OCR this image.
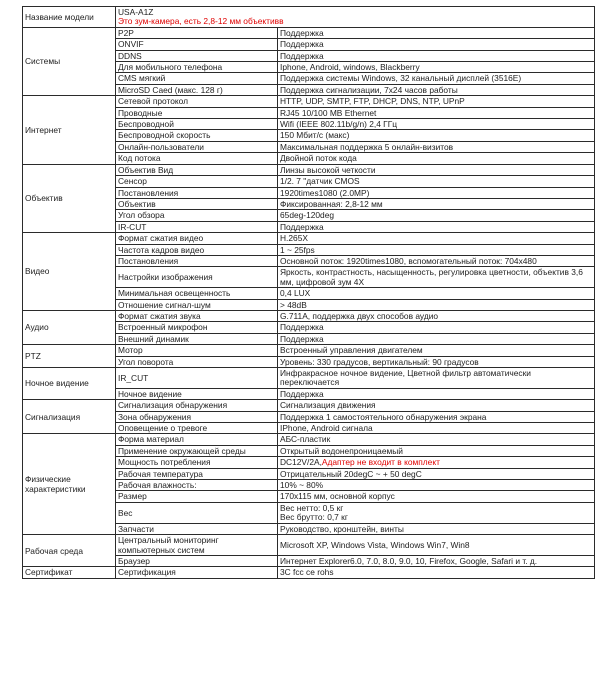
Название модели	USA-A1Z
Это зум-камера, есть 2,8-12 мм объективв	

Системы	P2P	Поддержка
	ONVIF	Поддержка
	DDNS	Поддержка
	Для мобильного телефона	Iphone, Android, windows, Blackberry
	CMS мягкий	Поддержка системы Windows, 32 канальный дисплей (3516E)
	MicroSD Caed (макс. 128 г)	Поддержка сигнализации, 7x24 часов работы
Интернет	Сетевой протокол	HTTP, UDP, SMTP, FTP, DHCP, DNS, NTP, UPnP
	Проводные	RJ45 10/100 MB Ethernet
	Беспроводной	Wifi (IEEE 802.11b/g/n) 2,4 ГГц
	Беспроводной скорость	150 Мбит/с (макс)
	Онлайн-пользователи	Максимальная поддержка 5 онлайн-визитов
	Код потока	Двойной поток кода
Объектив	Объектив Вид	Линзы высокой четкости
	Сенсор	1/2. 7 "датчик CMOS
	Постановления	1920times1080 (2.0MP)
	Объектив	Фиксированная: 2,8-12 мм
	Угол обзора	65deg-120deg
	IR-CUT	Поддержка
Видео	Формат сжатия видео	H.265X
	Частота кадров видео	1 ~ 25fps
	Постановления	Основной поток: 1920times1080, вспомогательный поток: 704x480
	Настройки изображения	Яркость, контрастность, насыщенность, регулировка цветности, объектив 3,6 мм, цифровой зум 4X
	Минимальная освещенность	0,4 LUX
	Отношение сигнал-шум	> 48dB
Аудио	Формат сжатия звука	G.711A, поддержка двух способов аудио
	Встроенный микрофон	Поддержка
	Внешний динамик	Поддержка
PTZ	Мотор	Встроенный управления двигателем
	Угол поворота	Уровень: 330 градусов, вертикальный: 90 градусов
Ночное видение	IR_CUT	Инфракрасное ночное видение, Цветной фильтр автоматически переключается
	Ночное видение	Поддержка
Сигнализация	Сигнализация обнаружения	Сигнализация движения
	Зона обнаружения	Поддержка 1 самостоятельного обнаружения экрана
	Оповещение о тревоге	IPhone, Android сигнала
Физические характеристики	Форма материал	АБС-пластик
	Применение окружающей среды	Открытый водонепроницаемый
	Мощность потребления	DC12V/2A,Адаптер не входит в комплект
	Рабочая температура	Отрицательный 20degC ~ + 50 degC
	Рабочая влажность:	10% ~ 80%
	Размер	170x115 мм, основной корпус
	Вес	Вес нетто: 0,5 кг
Вес брутто: 0,7 кг

	Запчасти	Руководство, кронштейн, винты
Рабочая среда	Центральный мониторинг компьютерных систем	Microsoft XP, Windows Vista, Windows Win7, Win8
	Браузер	Интернет Explorer6.0, 7.0, 8.0, 9.0, 10, Firefox, Google, Safari и т. д.
Сертификат	Сертификация	3C fcc ce rohs
